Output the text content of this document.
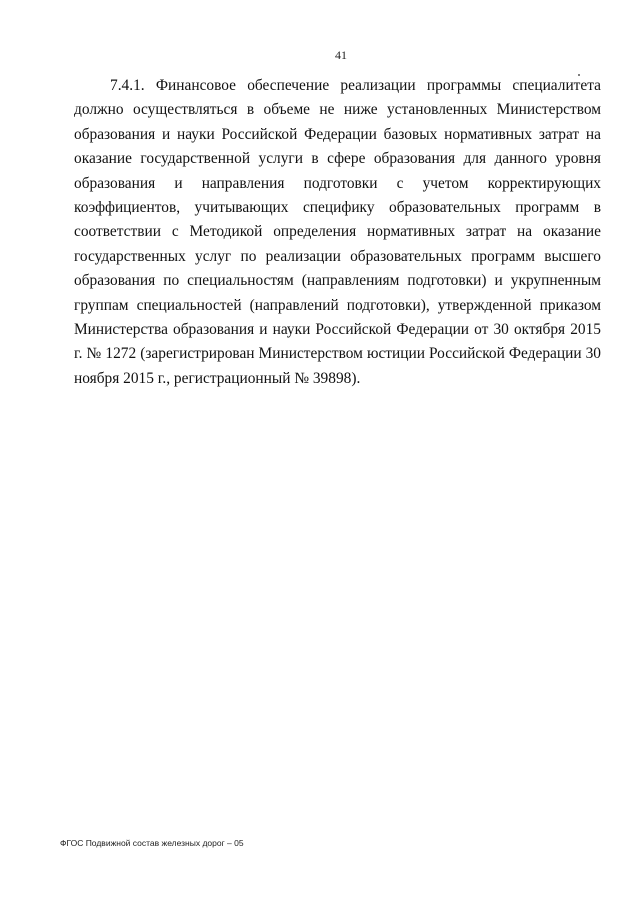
41

7.4.1. Финансовое обеспечение реализации программы специалитета должно осуществляться в объеме не ниже установленных Министерством образования и науки Российской Федерации базовых нормативных затрат на оказание государственной услуги в сфере образования для данного уровня образования и направления подготовки с учетом корректирующих коэффициентов, учитывающих специфику образовательных программ в соответствии с Методикой определения нормативных затрат на оказание государственных услуг по реализации образовательных программ высшего образования по специальностям (направлениям подготовки) и укрупненным группам специальностей (направлений подготовки), утвержденной приказом Министерства образования и науки Российской Федерации от 30 октября 2015 г. № 1272 (зарегистрирован Министерством юстиции Российской Федерации 30 ноября 2015 г., регистрационный № 39898).

ФГОС Подвижной состав железных дорог – 05
